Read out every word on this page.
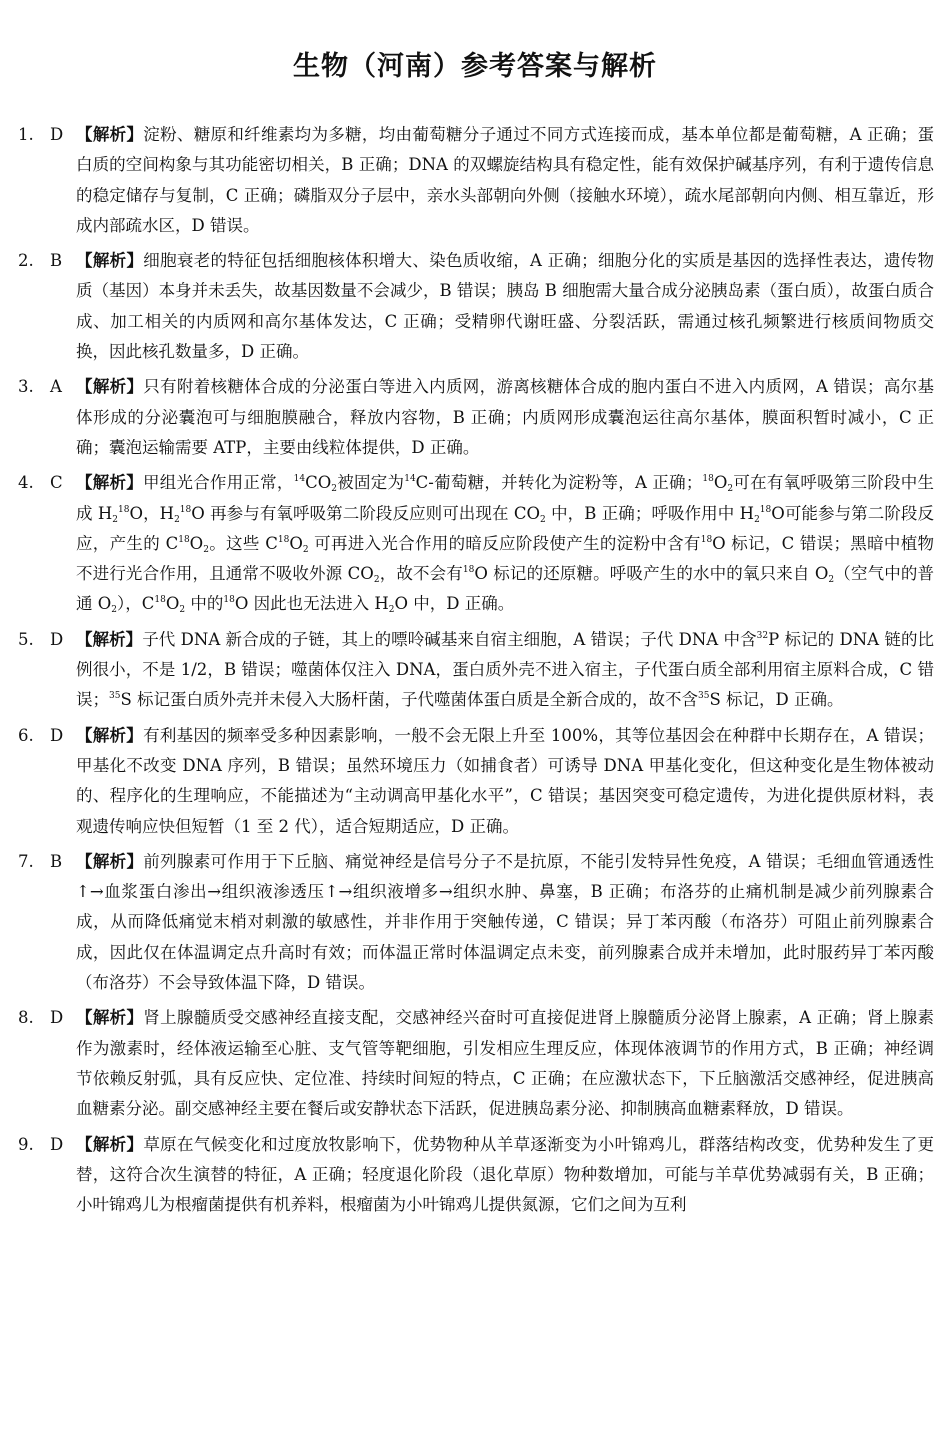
生物（河南）参考答案与解析
1. D 【解析】淀粉、糖原和纤维素均为多糖，均由葡萄糖分子通过不同方式连接而成，基本单位都是葡萄糖，A 正确；蛋白质的空间构象与其功能密切相关，B 正确；DNA 的双螺旋结构具有稳定性，能有效保护碱基序列，有利于遗传信息的稳定储存与复制，C 正确；磷脂双分子层中，亲水头部朝向外侧（接触水环境），疏水尾部朝向内侧、相互靠近，形成内部疏水区，D 错误。
2. B 【解析】细胞衰老的特征包括细胞核体积增大、染色质收缩，A 正确；细胞分化的实质是基因的选择性表达，遗传物质（基因）本身并未丢失，故基因数量不会减少，B 错误；胰岛 B 细胞需大量合成分泌胰岛素（蛋白质），故蛋白质合成、加工相关的内质网和高尔基体发达，C 正确；受精卵代谢旺盛、分裂活跃，需通过核孔频繁进行核质间物质交换，因此核孔数量多，D 正确。
3. A 【解析】只有附着核糖体合成的分泌蛋白等进入内质网，游离核糖体合成的胞内蛋白不进入内质网，A 错误；高尔基体形成的分泌囊泡可与细胞膜融合，释放内容物，B 正确；内质网形成囊泡运往高尔基体，膜面积暂时减小，C 正确；囊泡运输需要 ATP，主要由线粒体提供，D 正确。
4. C 【解析】甲组光合作用正常，$^{14}CO_2$被固定为$^{14}$C-葡萄糖，并转化为淀粉等，A 正确；$^{18}O_2$可在有氧呼吸第三阶段中生成 $H_2^{18}O$，$H_2^{18}O$ 再参与有氧呼吸第二阶段反应则可出现在 $CO_2$ 中，B 正确；呼吸作用中 $H_2^{18}O$可能参与第二阶段反应，产生的 $C^{18}O_2$。这些 $C^{18}O_2$ 可再进入光合作用的暗反应阶段使产生的淀粉中含有$^{18}$O 标记，C 错误；黑暗中植物不进行光合作用，且通常不吸收外源 $CO_2$，故不会有$^{18}$O 标记的还原糖。呼吸产生的水中的氧只来自 $O_2$（空气中的普通 $O_2$），$C^{18}O_2$ 中的$^{18}$O 因此也无法进入 $H_2O$ 中，D 正确。
5. D 【解析】子代 DNA 新合成的子链，其上的嘌呤碱基来自宿主细胞，A 错误；子代 DNA 中含$^{32}$P 标记的 DNA 链的比例很小，不是 1/2，B 错误；噬菌体仅注入 DNA，蛋白质外壳不进入宿主，子代蛋白质全部利用宿主原料合成，C 错误；$^{35}$S 标记蛋白质外壳并未侵入大肠杆菌，子代噬菌体蛋白质是全新合成的，故不含$^{35}$S 标记，D 正确。
6. D 【解析】有利基因的频率受多种因素影响，一般不会无限上升至 100%，其等位基因会在种群中长期存在，A 错误；甲基化不改变 DNA 序列，B 错误；虽然环境压力（如捕食者）可诱导 DNA 甲基化变化，但这种变化是生物体被动的、程序化的生理响应，不能描述为“主动调高甲基化水平”，C 错误；基因突变可稳定遗传，为进化提供原材料，表观遗传响应快但短暂（1 至 2 代），适合短期适应，D 正确。
7. B 【解析】前列腺素可作用于下丘脑、痛觉神经是信号分子不是抗原，不能引发特异性免疫，A 错误；毛细血管通透性↑→血浆蛋白渗出→组织液渗透压↑→组织液增多→组织水肿、鼻塞，B 正确；布洛芬的止痛机制是减少前列腺素合成，从而降低痛觉末梢对刺激的敏感性，并非作用于突触传递，C 错误；异丁苯丙酸（布洛芬）可阻止前列腺素合成，因此仅在体温调定点升高时有效；而体温正常时体温调定点未变，前列腺素合成并未增加，此时服药异丁苯丙酸（布洛芬）不会导致体温下降，D 错误。
8. D 【解析】肾上腺髓质受交感神经直接支配，交感神经兴奋时可直接促进肾上腺髓质分泌肾上腺素，A 正确；肾上腺素作为激素时，经体液运输至心脏、支气管等靶细胞，引发相应生理反应，体现体液调节的作用方式，B 正确；神经调节依赖反射弧，具有反应快、定位准、持续时间短的特点，C 正确；在应激状态下，下丘脑激活交感神经，促进胰高血糖素分泌。副交感神经主要在餐后或安静状态下活跃，促进胰岛素分泌、抑制胰高血糖素释放，D 错误。
9. D 【解析】草原在气候变化和过度放牧影响下，优势物种从羊草逐渐变为小叶锦鸡儿，群落结构改变，优势种发生了更替，这符合次生演替的特征，A 正确；轻度退化阶段（退化草原）物种数增加，可能与羊草优势减弱有关，B 正确；小叶锦鸡儿为根瘤菌提供有机养料，根瘤菌为小叶锦鸡儿提供氮源，它们之间为互利
